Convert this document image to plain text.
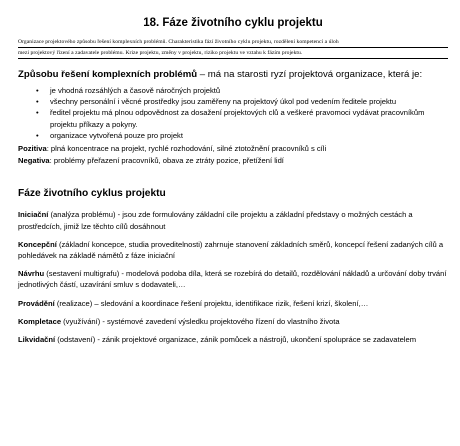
18. Fáze životního cyklu projektu
Organizace projektového způsobu řešení komplexních problémů. Charakteristika fází životního cyklu projektu, rozdělení kompetencí a úloh
mezi projektový řízení a zadavatele problému. Krize projektu, změny v projektu, riziko projektu ve vztahu k fázím projektu.
Způsobu řešení komplexních problémů – má na starosti ryzí projektová organizace, která je:
• je vhodná rozsáhlých a časově náročných projektů
• všechny personální i věcné prostředky jsou zaměřeny na projektový úkol pod vedením ředitele projektu
• ředitel projektu má plnou odpovědnost za dosažení projektových clů a veškeré pravomoci vydávat pracovníkům projektu příkazy a pokyny.
• organizace vytvořená pouze pro projekt
Pozitiva: plná koncentrace na projekt, rychlé rozhodování, silné ztotožnění pracovníků s cíli
Negativa: problémy přeřazení pracovníků, obava ze ztráty pozice, přetížení lidí
Fáze životního cyklus projektu
Iniciační (analýza problému) - jsou zde formulovány základní cíle projektu a základní představy o možných cestách a prostředcích, jimiž lze těchto cílů dosáhnout
Koncepční (základní koncepce, studia proveditelnosti) zahrnuje stanovení základních směrů, koncepcí řešení zadaných cílů a pohledávek na základě námětů z fáze iniciační
Návrhu (sestavení multigrafu) - modelová podoba díla, která se rozebírá do detailů, rozdělování nákladů a určování doby trvání jednotlivých částí, uzavírání smluv s dodavateli,…
Provádění (realizace) – sledování a koordinace řešení projektu, identifikace rizik, řešení krizí, školení,…
Kompletace (využívání) - systémové zavedení výsledku projektového řízení do vlastního života
Likvidační (odstavení) - zánik projektové organizace, zánik pomůcek a nástrojů, ukončení spolupráce se zadavatelem
